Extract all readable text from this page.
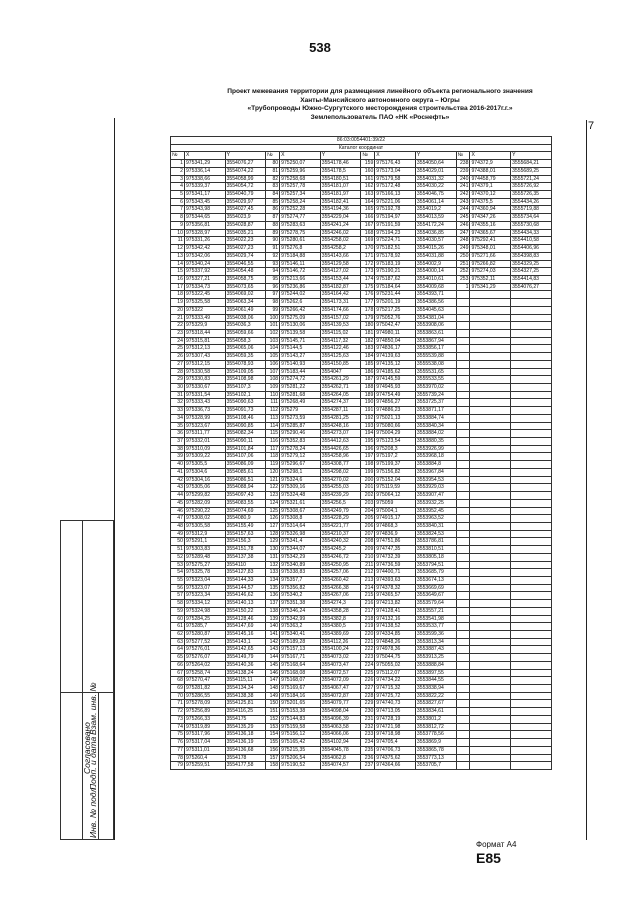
538
Проект межевания территории для размещения линейного объекта регионального значения
Ханты-Мансийского автономного округа – Югры
«Трубопроводы Южно-Сургутского месторождения строительства 2016-2017г.г.»
Землепользователь ПАО «НК «Роснефть»
7
86:03:0054401:39/22											
Каталог координат											
№	X	Y	№	X	Y	№	X	Y	№	X	Y
1	975341,29	3554076,27	80	975250,07	3554178,46	159	975176,43	3554050,64	238	974372,9	3555684,21
2	975336,14	3554074,22	81	975259,96	3554178,5	160	975173,04	3554029,01	239	974388,01	3555689,25
3	975338,66	3554058,99	82	975258,68	3554180,51	161	975179,58	3554031,32	240	974458,79	3555721,24
4	975339,37	3554054,72	83	975257,78	3554181,07	162	975172,48	3554030,22	241	974379,1	3555726,92
5	975341,17	3554040,79	84	975257,34	3554181,97	163	975166,13	3554046,75	242	974370,12	3555726,35
6	975343,45	3554029,97	85	975258,24	3554182,41	164	975221,06	3554061,14	243	974375,5	3554434,26
7	975343,98	3554027,45	86	975252,28	3554194,36	165	975192,78	3554019,2	244	974360,94	3555719,88
8	975344,65	3554023,9	87	975274,77	3554229,04	166	975194,97	3554013,59	245	974347,26	3555734,64
9	975356,81	3554028,87	88	975283,63	3554241,24	167	975191,59	3554172,24	246	974355,16	3555730,68
10	975328,97	3554035,21	89	975278,75	3554246,02	168	975194,23	3554036,85	247	974365,67	3554434,33
11	975331,26	3554022,23	90	975280,61	3554258,02	169	975224,71	3554030,57	248	975292,41	3554410,58
12	975342,42	3554027,23	91	975276,8	3554258,2	170	975182,51	3554015,26	249	975348,01	3554406,96
13	975342,06	3554029,74	92	975184,88	3554143,66	171	975178,92	3554031,88	250	975271,66	3554398,83
14	975340,24	3554046,55	93	975146,11	3554129,58	172	975183,19	3554002,9	251	975266,82	3554329,25
15	975337,92	3554054,48	94	975146,72	3554127,02	173	975190,21	3554000,14	252	975274,03	3554327,25
16	975327,21	3554058,75	95	975213,66	3554153,44	174	975187,62	3554010,61	253	975352,11	3554414,83
17	975334,73	3554073,65	96	975236,86	3554182,87	175	975184,64	3554009,68	1	975341,29	3554076,27
18	975322,45	3554069,02	97	975244,02	3554164,42	176	975231,44	3554393,71			
19	975325,58	3554063,34	98	975262,6	3554173,31	177	975201,19	3554386,56			
20	975322	3554061,49	99	975266,42	3554174,66	178	975217,25	3554045,63			
21	975333,49	3554038,06	100	975275,09	3554157,02	179	975052,76	3554381,04			
22	975329,9	3554036,3	101	975130,06	3554139,53	180	975042,47	3553908,06			
23	975318,44	3554059,66	102	975139,58	3554115,02	181	974980,11	3553863,61			
24	975315,81	3554058,3	103	975145,71	3554117,32	182	974850,04	3553867,94			
25	975312,13	3554065,06	104	975144,5	3554122,46	183	974836,17	3553856,17			
26	975307,43	3554059,35	105	975143,27	3554125,63	184	974139,63	3555539,88			
27	975312,15	3554078,93	106	975140,93	3554150,85	185	974135,12	3555538,08			
28	975330,58	3554109,05	107	975183,44	3554047	186	974185,62	3555531,65			
29	975330,83	3554108,98	108	975274,72	3554261,29	187	974145,59	3555533,55			
30	975330,67	3554107,3	109	975281,22	3554262,71	188	974945,93	3553970,02			
31	975331,54	3554102,1	110	975281,68	3554264,05	189	974754,49	3555739,24			
32	975333,43	3554090,63	111	975268,49	3554274,37	190	974856,27	3553725,37			
33	975336,73	3554091,73	112	975279	3554287,11	191	974886,23	3553871,17			
34	975328,99	3554108,46	113	975273,59	3554281,25	192	975021,13	3553884,74			
35	975323,67	3554090,85	114	975285,87	3554248,16	193	975080,66	3553840,34			
36	975311,77	3554082,34	115	975290,46	3554273,07	194	975004,29	3553884,02			
37	975332,01	3554090,11	116	975352,83	3554412,63	195	975123,54	3553880,35			
38	975310,09	3554101,84	117	975278,24	3554426,65	196	975208,3	3553926,99			
39	975309,22	3554107,06	118	975279,12	3554258,96	197	975197,2	3553968,18			
40	975305,5	3554086,09	119	975296,67	3554308,77	198	975199,37	3553884,8			
41	975304,6	3554085,61	120	975298,1	3554298,02	199	975156,82	3553967,84			
42	975304,16	3554086,51	121	975324,6	3554270,02	200	975152,04	3553954,53			
43	975305,06	3554088,94	122	975309,16	3554255,03	201	975119,59	3553929,03			
44	975299,82	3554097,43	123	975324,48	3554239,29	202	975064,12	3553907,47			
45	975282,09	3554083,55	124	975321,61	3554256,5	203	975059	3553932,25			
46	975290,22	3554074,69	125	975308,67	3554249,79	204	975004,1	3553952,45			
47	975308,02	3554080,9	126	975308,8	3554228,29	205	974915,17	3553963,52			
48	975305,58	3554155,49	127	975314,64	3554221,77	206	974868,3	3553840,31			
49	975312,9	3554157,63	128	975326,98	3554210,37	207	974836,9	3553824,53			
50	975291,1	3554156,3	129	975341,4	3554240,32	208	974751,86	3553786,81			
51	975303,83	3554151,78	130	975344,07	3554245,2	209	974747,35	3553810,51			
52	975289,48	3554137,38	131	975342,29	3554246,72	210	974732,39	3553805,18			
53	975275,27	3554110	132	975340,89	3554250,95	211	974736,59	3553794,51			
54	975325,78	3554127,83	133	975338,83	3554257,06	212	974400,71	3553685,79			
55	975323,04	3554144,33	134	975357,7	3554260,42	213	974393,63	3553674,13			
56	975323,07	3554144,57	135	975356,82	3554266,38	214	974378,32	3553669,69			
57	975323,34	3554146,62	136	975340,2	3554267,06	215	974365,57	3553649,67			
58	975334,12	3554140,13	137	975351,38	3554274,3	216	974213,82	3553579,64			
59	975324,98	3554150,22	138	975346,24	3554358,28	217	974128,41	3553557,21			
60	975284,25	3554128,46	139	975342,99	3554382,8	218	974132,16	3553541,98			
61	975285,7	3554147,69	140	975363,2	3554380,5	219	974138,52	3553533,77			
62	975280,87	3554145,16	141	975340,41	3554389,69	220	974334,85	3553599,36			
63	975277,52	3554143,1	142	975189,28	3554112,26	221	974848,26	3553813,34			
64	975276,01	3554142,65	143	975157,13	3554100,24	222	974978,36	3553887,43			
65	975276,07	3554149,79	144	975167,71	3554073,02	223	975044,75	3553913,25			
66	975264,02	3554140,36	145	975168,64	3554073,47	224	975055,02	3553888,84			
67	975258,74	3554138,24	146	975168,08	3554072,57	225	975112,07	3553897,55			
68	975270,47	3554115,11	147	975168,07	3554072,09	226	974734,22	3553844,55			
69	975281,82	3554134,34	148	975169,67	3554067,47	227	974715,32	3553838,94			
70	975286,55	3554138,38	149	975184,16	3554072,87	228	974725,72	3553822,22			
71	975278,09	3554125,81	150	975201,65	3554079,77	229	974740,73	3553827,67			
72	975256,89	3554116,25	151	975153,38	3554098,04	230	974713,05	3553834,61			
73	975266,33	3554175	152	975144,83	3554096,39	231	974728,19	3553801,2			
74	975319,89	3554135,29	153	975159,58	3554063,58	232	974721,98	3553812,72			
75	975317,96	3554136,18	154	975156,12	3554066,06	233	974718,98	3553778,56			
76	975317,04	3554136,19	155	975165,42	3554102,94	234	974705,4	3553869,9			
77	975311,01	3554136,68	156	975215,35	3554045,78	235	974706,73	3553865,78			
78	975260,4	3554178	157	975206,54	3554062,8	236	974375,62	3553773,13			
79	975259,51	3554177,58	158	975190,52	3554074,57	237	974364,66	3553705,7			
Согласовано
Взам. инв. №
Подп. и дата
Инв. № подл.
Формат А4
E85
